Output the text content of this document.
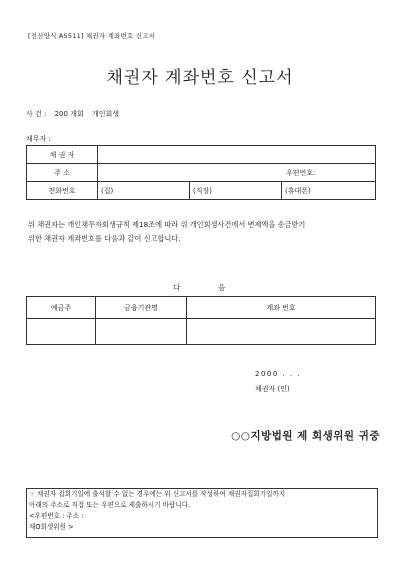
[전산양식 A5511] 채권자 계좌번호 신고서
채권자 계좌번호 신고서
사 건 : 200 개회 개인회생
채무자 :
채 권 자			
주 소	우편번호:		
전화번호	(집)	(직장)	(휴대폰)
위 채권자는 개인채무자회생규칙 제18조에 따라 위 개인회생사건에서 변제액을 송금받기
위한 채권자 계좌번호를 다음과 같이 신고합니다.
다	음
예금주	금융기관명	계좌 번호

2000 . . .
채권자 (인)
○○지방법원 제 회생위원 귀중
☞ 채권자 집회기일에 출석할 수 없는 경우에는 위 신고서를 작성하여 채권자집회기일까지
아래의 주소로 직접 또는 우편으로 제출하시기 바랍니다.
<우편번호 : 주소 :
제O회생위원 >
